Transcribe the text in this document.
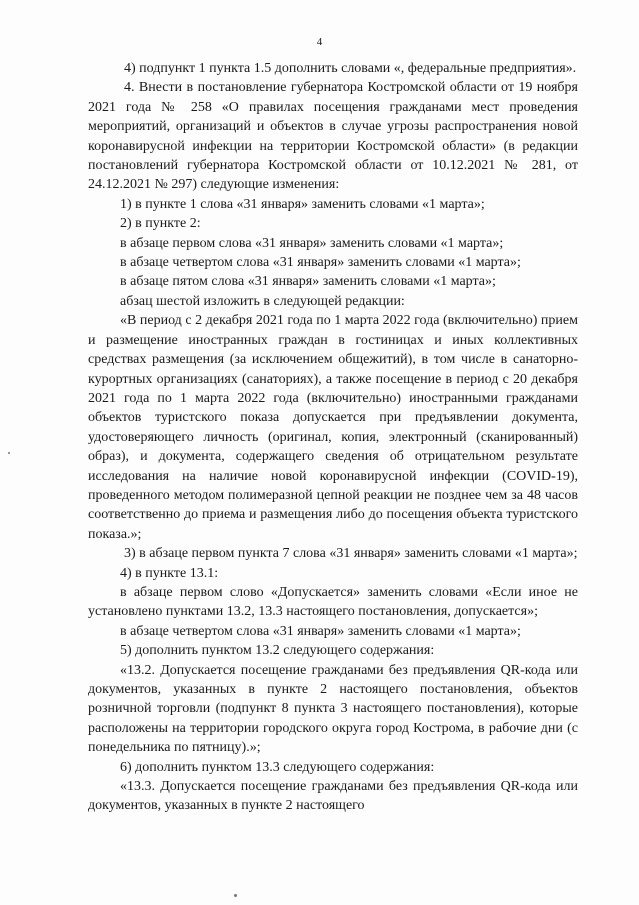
4

4) подпункт 1 пункта 1.5 дополнить словами «, федеральные предприятия».

4. Внести в постановление губернатора Костромской области от 19 ноября 2021 года № 258 «О правилах посещения гражданами мест проведения мероприятий, организаций и объектов в случае угрозы распространения новой коронавирусной инфекции на территории Костромской области» (в редакции постановлений губернатора Костромской области от 10.12.2021 № 281, от 24.12.2021 № 297) следующие изменения:

1) в пункте 1 слова «31 января» заменить словами «1 марта»;

2) в пункте 2:

в абзаце первом слова «31 января» заменить словами «1 марта»;

в абзаце четвертом слова «31 января» заменить словами «1 марта»;

в абзаце пятом слова «31 января» заменить словами «1 марта»;

абзац шестой изложить в следующей редакции:

«В период с 2 декабря 2021 года по 1 марта 2022 года (включительно) прием и размещение иностранных граждан в гостиницах и иных коллективных средствах размещения (за исключением общежитий), в том числе в санаторно-курортных организациях (санаториях), а также посещение в период с 20 декабря 2021 года по 1 марта 2022 года (включительно) иностранными гражданами объектов туристского показа допускается при предъявлении документа, удостоверяющего личность (оригинал, копия, электронный (сканированный) образ), и документа, содержащего сведения об отрицательном результате исследования на наличие новой коронавирусной инфекции (COVID-19), проведенного методом полимеразной цепной реакции не позднее чем за 48 часов соответственно до приема и размещения либо до посещения объекта туристского показа.»;

3) в абзаце первом пункта 7 слова «31 января» заменить словами «1 марта»;

4) в пункте 13.1:

в абзаце первом слово «Допускается» заменить словами «Если иное не установлено пунктами 13.2, 13.3 настоящего постановления, допускается»;

в абзаце четвертом слова «31 января» заменить словами «1 марта»;

5) дополнить пунктом 13.2 следующего содержания:

«13.2. Допускается посещение гражданами без предъявления QR-кода или документов, указанных в пункте 2 настоящего постановления, объектов розничной торговли (подпункт 8 пункта 3 настоящего постановления), которые расположены на территории городского округа город Кострома, в рабочие дни (с понедельника по пятницу).»;

6) дополнить пунктом 13.3 следующего содержания:

«13.3. Допускается посещение гражданами без предъявления QR-кода или документов, указанных в пункте 2 настоящего
